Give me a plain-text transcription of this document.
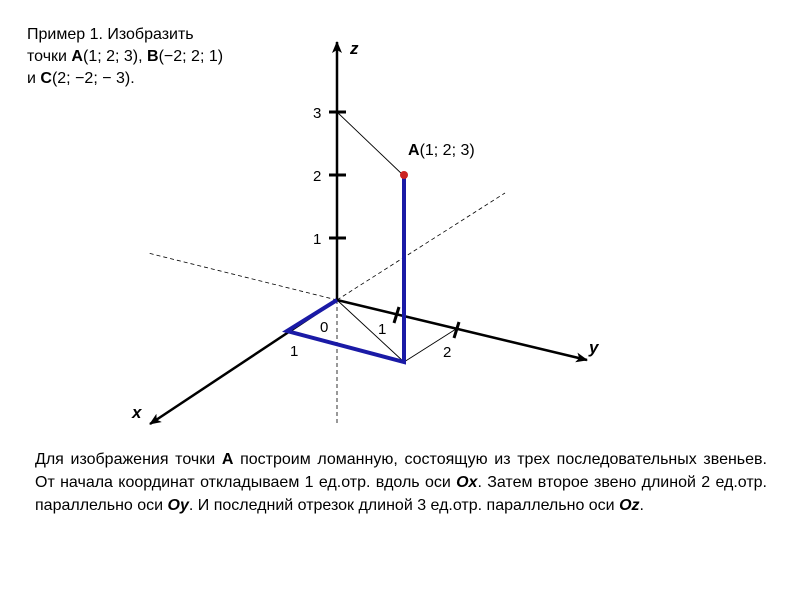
Пример 1. Изобразить
точки A(1; 2; 3), B(−2; 2; 1)
и C(2; −2; − 3).
z
y
x
0
1
2
3
1
1
2
A(1; 2; 3)
Для изображения точки A построим ломанную, состоящую из трех последовательных звеньев. От начала координат откладываем 1 ед.отр. вдоль оси Ox. Затем второе звено длиной 2 ед.отр. параллельно оси Oy. И последний отрезок длиной 3 ед.отр. параллельно оси Oz.
